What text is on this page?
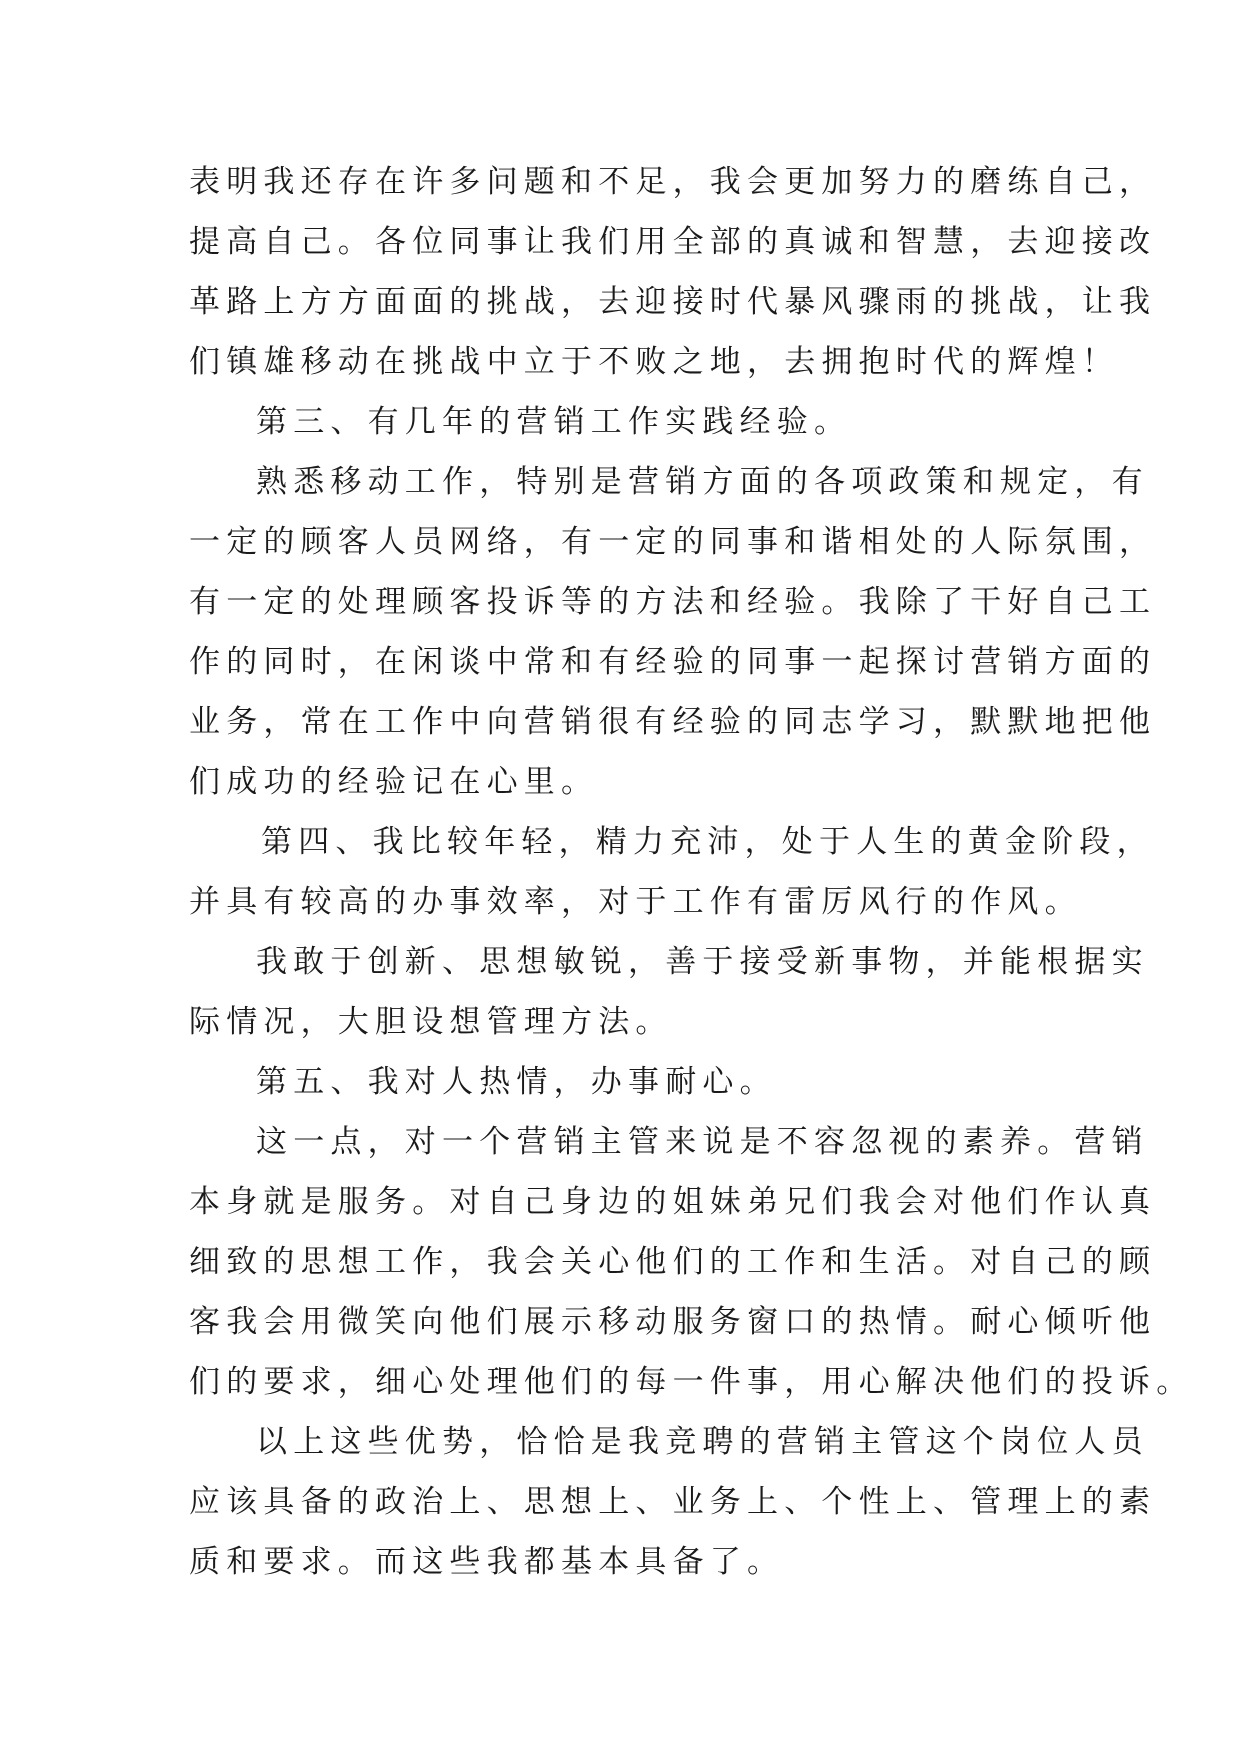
表明我还存在许多问题和不足，我会更加努力的磨练自己，
提高自己。各位同事让我们用全部的真诚和智慧，去迎接改
革路上方方面面的挑战，去迎接时代暴风骤雨的挑战，让我
们镇雄移动在挑战中立于不败之地，去拥抱时代的辉煌！
第三、有几年的营销工作实践经验。
熟悉移动工作，特别是营销方面的各项政策和规定，有
一定的顾客人员网络，有一定的同事和谐相处的人际氛围，
有一定的处理顾客投诉等的方法和经验。我除了干好自己工
作的同时，在闲谈中常和有经验的同事一起探讨营销方面的
业务，常在工作中向营销很有经验的同志学习，默默地把他
们成功的经验记在心里。
第四、我比较年轻，精力充沛，处于人生的黄金阶段，
并具有较高的办事效率，对于工作有雷厉风行的作风。
我敢于创新、思想敏锐，善于接受新事物，并能根据实
际情况，大胆设想管理方法。
第五、我对人热情，办事耐心。
这一点，对一个营销主管来说是不容忽视的素养。营销
本身就是服务。对自己身边的姐妹弟兄们我会对他们作认真
细致的思想工作，我会关心他们的工作和生活。对自己的顾
客我会用微笑向他们展示移动服务窗口的热情。耐心倾听他
们的要求，细心处理他们的每一件事，用心解决他们的投诉。
以上这些优势，恰恰是我竞聘的营销主管这个岗位人员
应该具备的政治上、思想上、业务上、个性上、管理上的素
质和要求。而这些我都基本具备了。
